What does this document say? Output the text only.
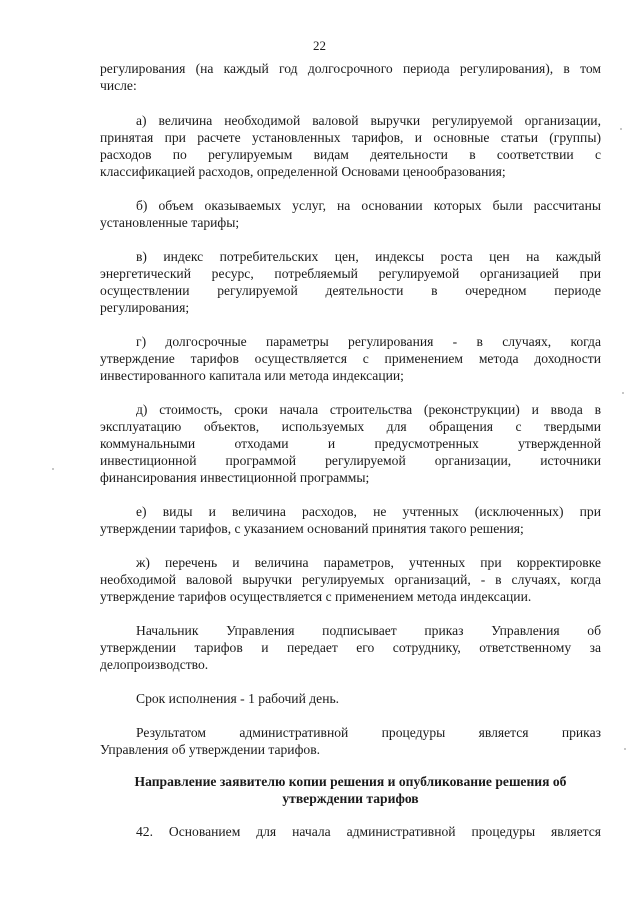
22
регулирования (на каждый год долгосрочного периода регулирования), в том
числе:
а) величина необходимой валовой выручки регулируемой организации,
принятая при расчете установленных тарифов, и основные статьи (группы)
расходов по регулируемым видам деятельности в соответствии с
классификацией расходов, определенной Основами ценообразования;
б) объем оказываемых услуг, на основании которых были рассчитаны
установленные тарифы;
в) индекс потребительских цен, индексы роста цен на каждый
энергетический ресурс, потребляемый регулируемой организацией при
осуществлении регулируемой деятельности в очередном периоде
регулирования;
г) долгосрочные параметры регулирования - в случаях, когда
утверждение тарифов осуществляется с применением метода доходности
инвестированного капитала или метода индексации;
д) стоимость, сроки начала строительства (реконструкции) и ввода в
эксплуатацию объектов, используемых для обращения с твердыми
коммунальными отходами и предусмотренных утвержденной
инвестиционной программой регулируемой организации, источники
финансирования инвестиционной программы;
е) виды и величина расходов, не учтенных (исключенных) при
утверждении тарифов, с указанием оснований принятия такого решения;
ж) перечень и величина параметров, учтенных при корректировке
необходимой валовой выручки регулируемых организаций, - в случаях, когда
утверждение тарифов осуществляется с применением метода индексации.
Начальник Управления подписывает приказ Управления об
утверждении тарифов и передает его сотруднику, ответственному за
делопроизводство.
Срок исполнения - 1 рабочий день.
Результатом административной процедуры является приказ
Управления об утверждении тарифов.
Направление заявителю копии решения и опубликование решения об
утверждении тарифов
42. Основанием для начала административной процедуры является
